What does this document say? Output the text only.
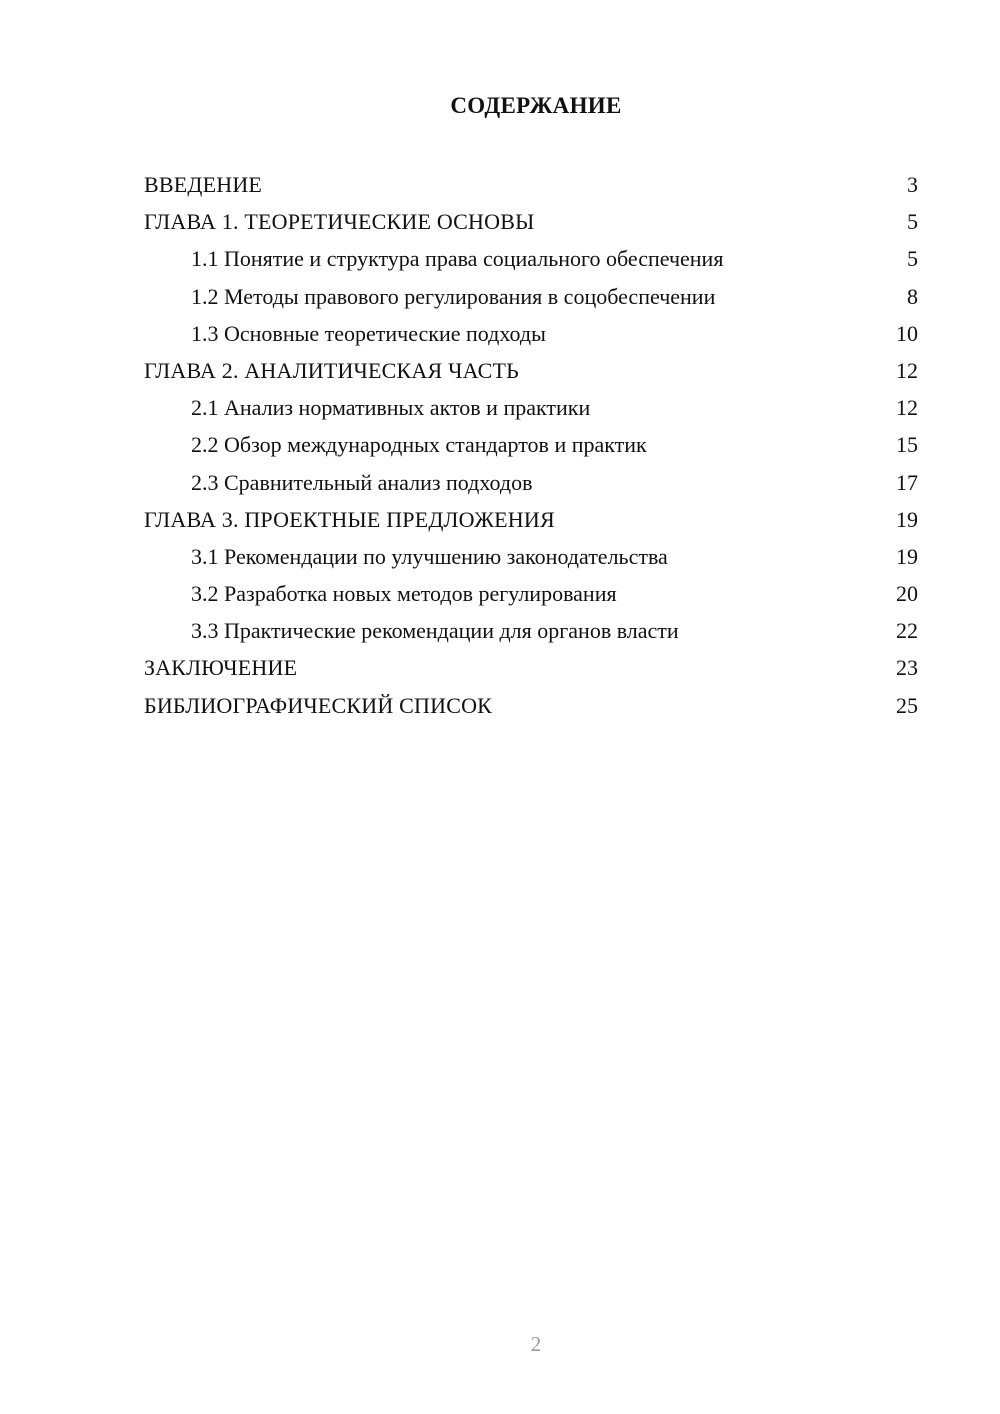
СОДЕРЖАНИЕ
ВВЕДЕНИЕ	3
ГЛАВА 1. ТЕОРЕТИЧЕСКИЕ ОСНОВЫ	5
1.1 Понятие и структура права социального обеспечения	5
1.2 Методы правового регулирования в соцобеспечении	8
1.3 Основные теоретические подходы	10
ГЛАВА 2. АНАЛИТИЧЕСКАЯ ЧАСТЬ	12
2.1 Анализ нормативных актов и практики	12
2.2 Обзор международных стандартов и практик	15
2.3 Сравнительный анализ подходов	17
ГЛАВА 3. ПРОЕКТНЫЕ ПРЕДЛОЖЕНИЯ	19
3.1 Рекомендации по улучшению законодательства	19
3.2 Разработка новых методов регулирования	20
3.3 Практические рекомендации для органов власти	22
ЗАКЛЮЧЕНИЕ	23
БИБЛИОГРАФИЧЕСКИЙ СПИСОК	25
2
